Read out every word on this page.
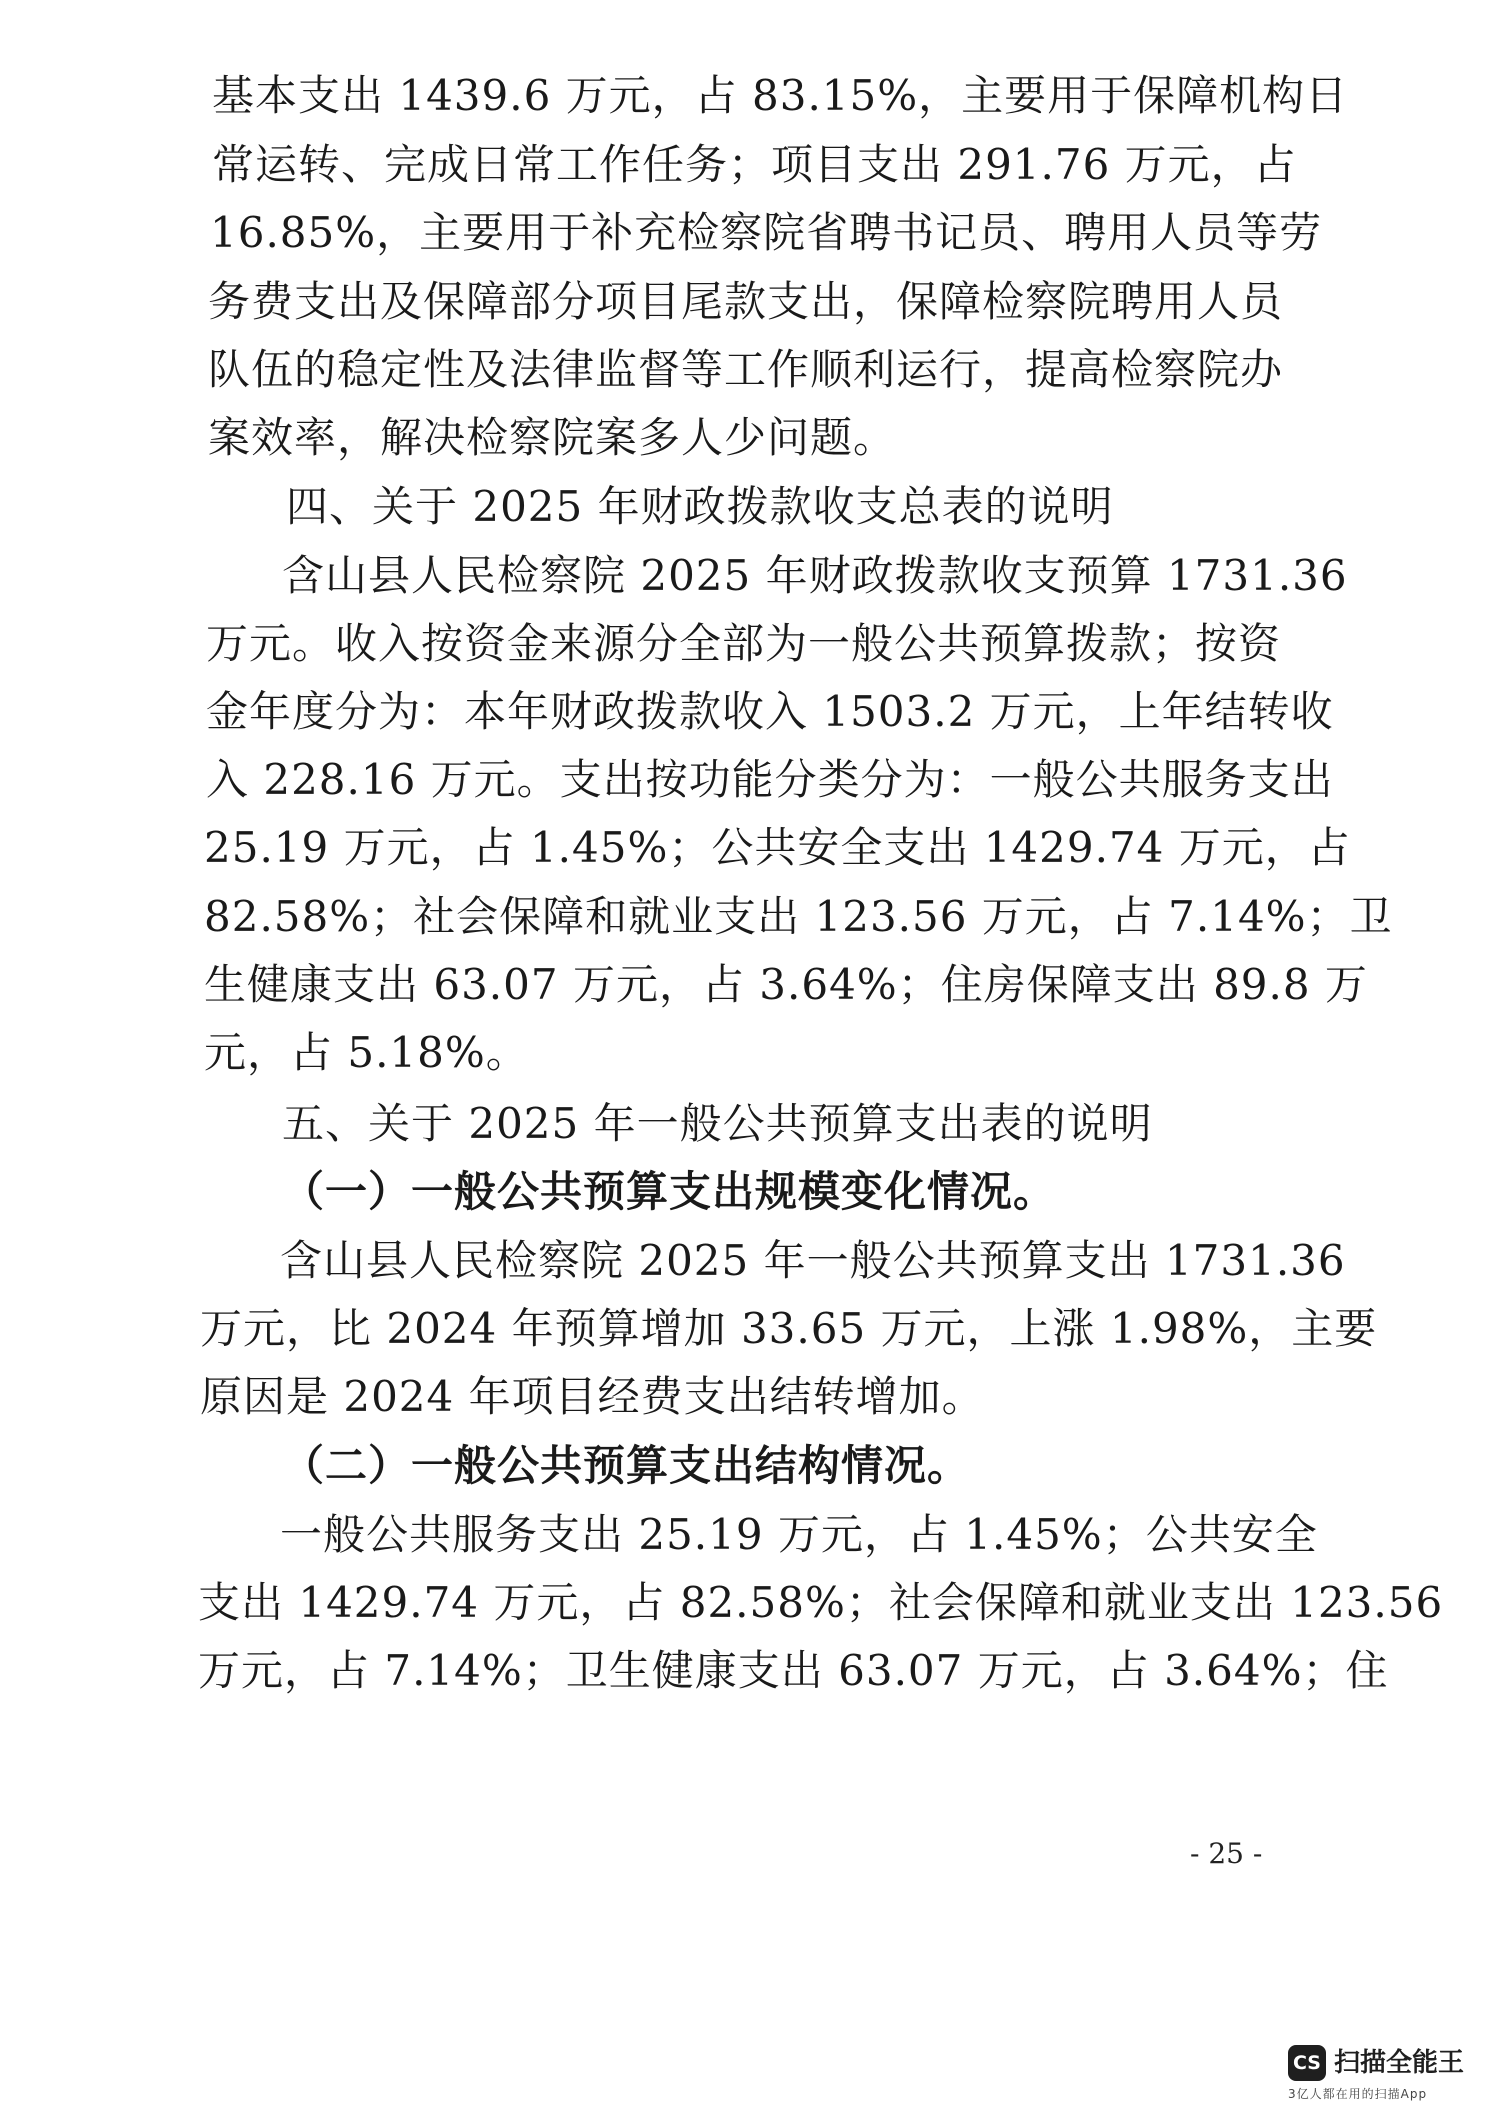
基本支出 1439.6 万元，占 83.15%，主要用于保障机构日
常运转、完成日常工作任务；项目支出 291.76 万元，占
16.85%，主要用于补充检察院省聘书记员、聘用人员等劳
务费支出及保障部分项目尾款支出，保障检察院聘用人员
队伍的稳定性及法律监督等工作顺利运行，提高检察院办
案效率，解决检察院案多人少问题。
四、关于 2025 年财政拨款收支总表的说明
含山县人民检察院 2025 年财政拨款收支预算 1731.36
万元。收入按资金来源分全部为一般公共预算拨款；按资
金年度分为：本年财政拨款收入 1503.2 万元，上年结转收
入 228.16 万元。支出按功能分类分为：一般公共服务支出
25.19 万元，占 1.45%；公共安全支出 1429.74 万元，占
82.58%；社会保障和就业支出 123.56 万元，占 7.14%；卫
生健康支出 63.07 万元，占 3.64%；住房保障支出 89.8 万
元，占 5.18%。
五、关于 2025 年一般公共预算支出表的说明
（一）一般公共预算支出规模变化情况。
含山县人民检察院 2025 年一般公共预算支出 1731.36
万元，比 2024 年预算增加 33.65 万元，上涨 1.98%，主要
原因是 2024 年项目经费支出结转增加。
（二）一般公共预算支出结构情况。
一般公共服务支出 25.19 万元，占 1.45%；公共安全
支出 1429.74 万元，占 82.58%；社会保障和就业支出 123.56
万元，占 7.14%；卫生健康支出 63.07 万元，占 3.64%；住
- 25 -
CS 扫描全能王
3亿人都在用的扫描App
